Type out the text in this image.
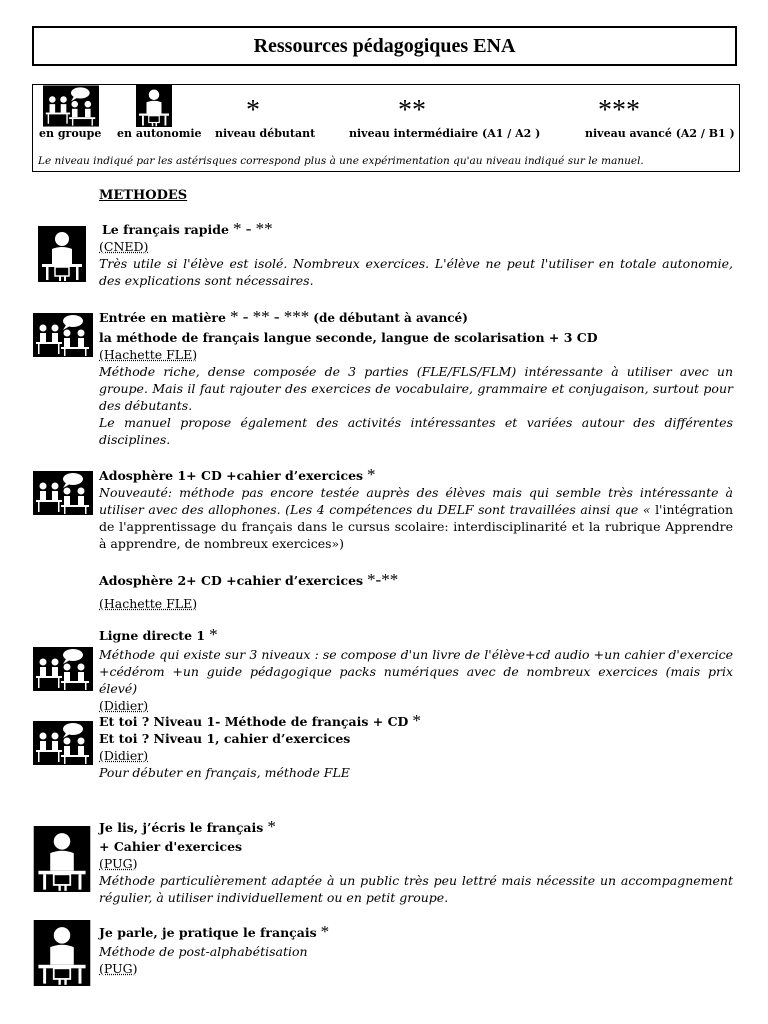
Ressources pédagogiques ENA
en groupe en autonomie
*
niveau débutant
**
niveau intermédiaire (A1 / A2 )
***
niveau avancé (A2 / B1 )
Le niveau indiqué par les astérisques correspond plus à une expérimentation qu'au niveau indiqué sur le manuel.
METHODES
Le français rapide * - **
(CNED)
Très utile si l'élève est isolé. Nombreux exercices. L'élève ne peut l'utiliser en totale autonomie, des explications sont nécessaires.
Entrée en matière * - ** - *** (de débutant à avancé)
la méthode de français langue seconde, langue de scolarisation + 3 CD
(Hachette FLE)
Méthode riche, dense composée de 3 parties (FLE/FLS/FLM) intéressante à utiliser avec un groupe. Mais il faut rajouter des exercices de vocabulaire, grammaire et conjugaison, surtout pour des débutants.
Le manuel propose également des activités intéressantes et variées autour des différentes disciplines.
Adosphère 1+ CD +cahier d’exercices *
Nouveauté: méthode pas encore testée auprès des élèves mais qui semble très intéressante à utiliser avec des allophones. (Les 4 compétences du DELF sont travaillées ainsi que « l'intégration de l'apprentissage du français dans le cursus scolaire: interdisciplinarité et la rubrique Apprendre à apprendre, de nombreux exercices»)
Adosphère 2+ CD +cahier d’exercices *-**
(Hachette FLE)
Ligne directe 1 *
Méthode qui existe sur 3 niveaux : se compose d'un livre de l'élève+cd audio +un cahier d'exercice +cédérom +un guide pédagogique packs numériques avec de nombreux exercices (mais prix élevé)
(Didier)
Et toi ? Niveau 1- Méthode de français + CD *
Et toi ? Niveau 1, cahier d’exercices
(Didier)
Pour débuter en français, méthode FLE
Je lis, j’écris le français *
+ Cahier d'exercices
(PUG)
Méthode particulièrement adaptée à un public très peu lettré mais nécessite un accompagnement régulier, à utiliser individuellement ou en petit groupe.
Je parle, je pratique le français *
Méthode de post-alphabétisation
(PUG)
